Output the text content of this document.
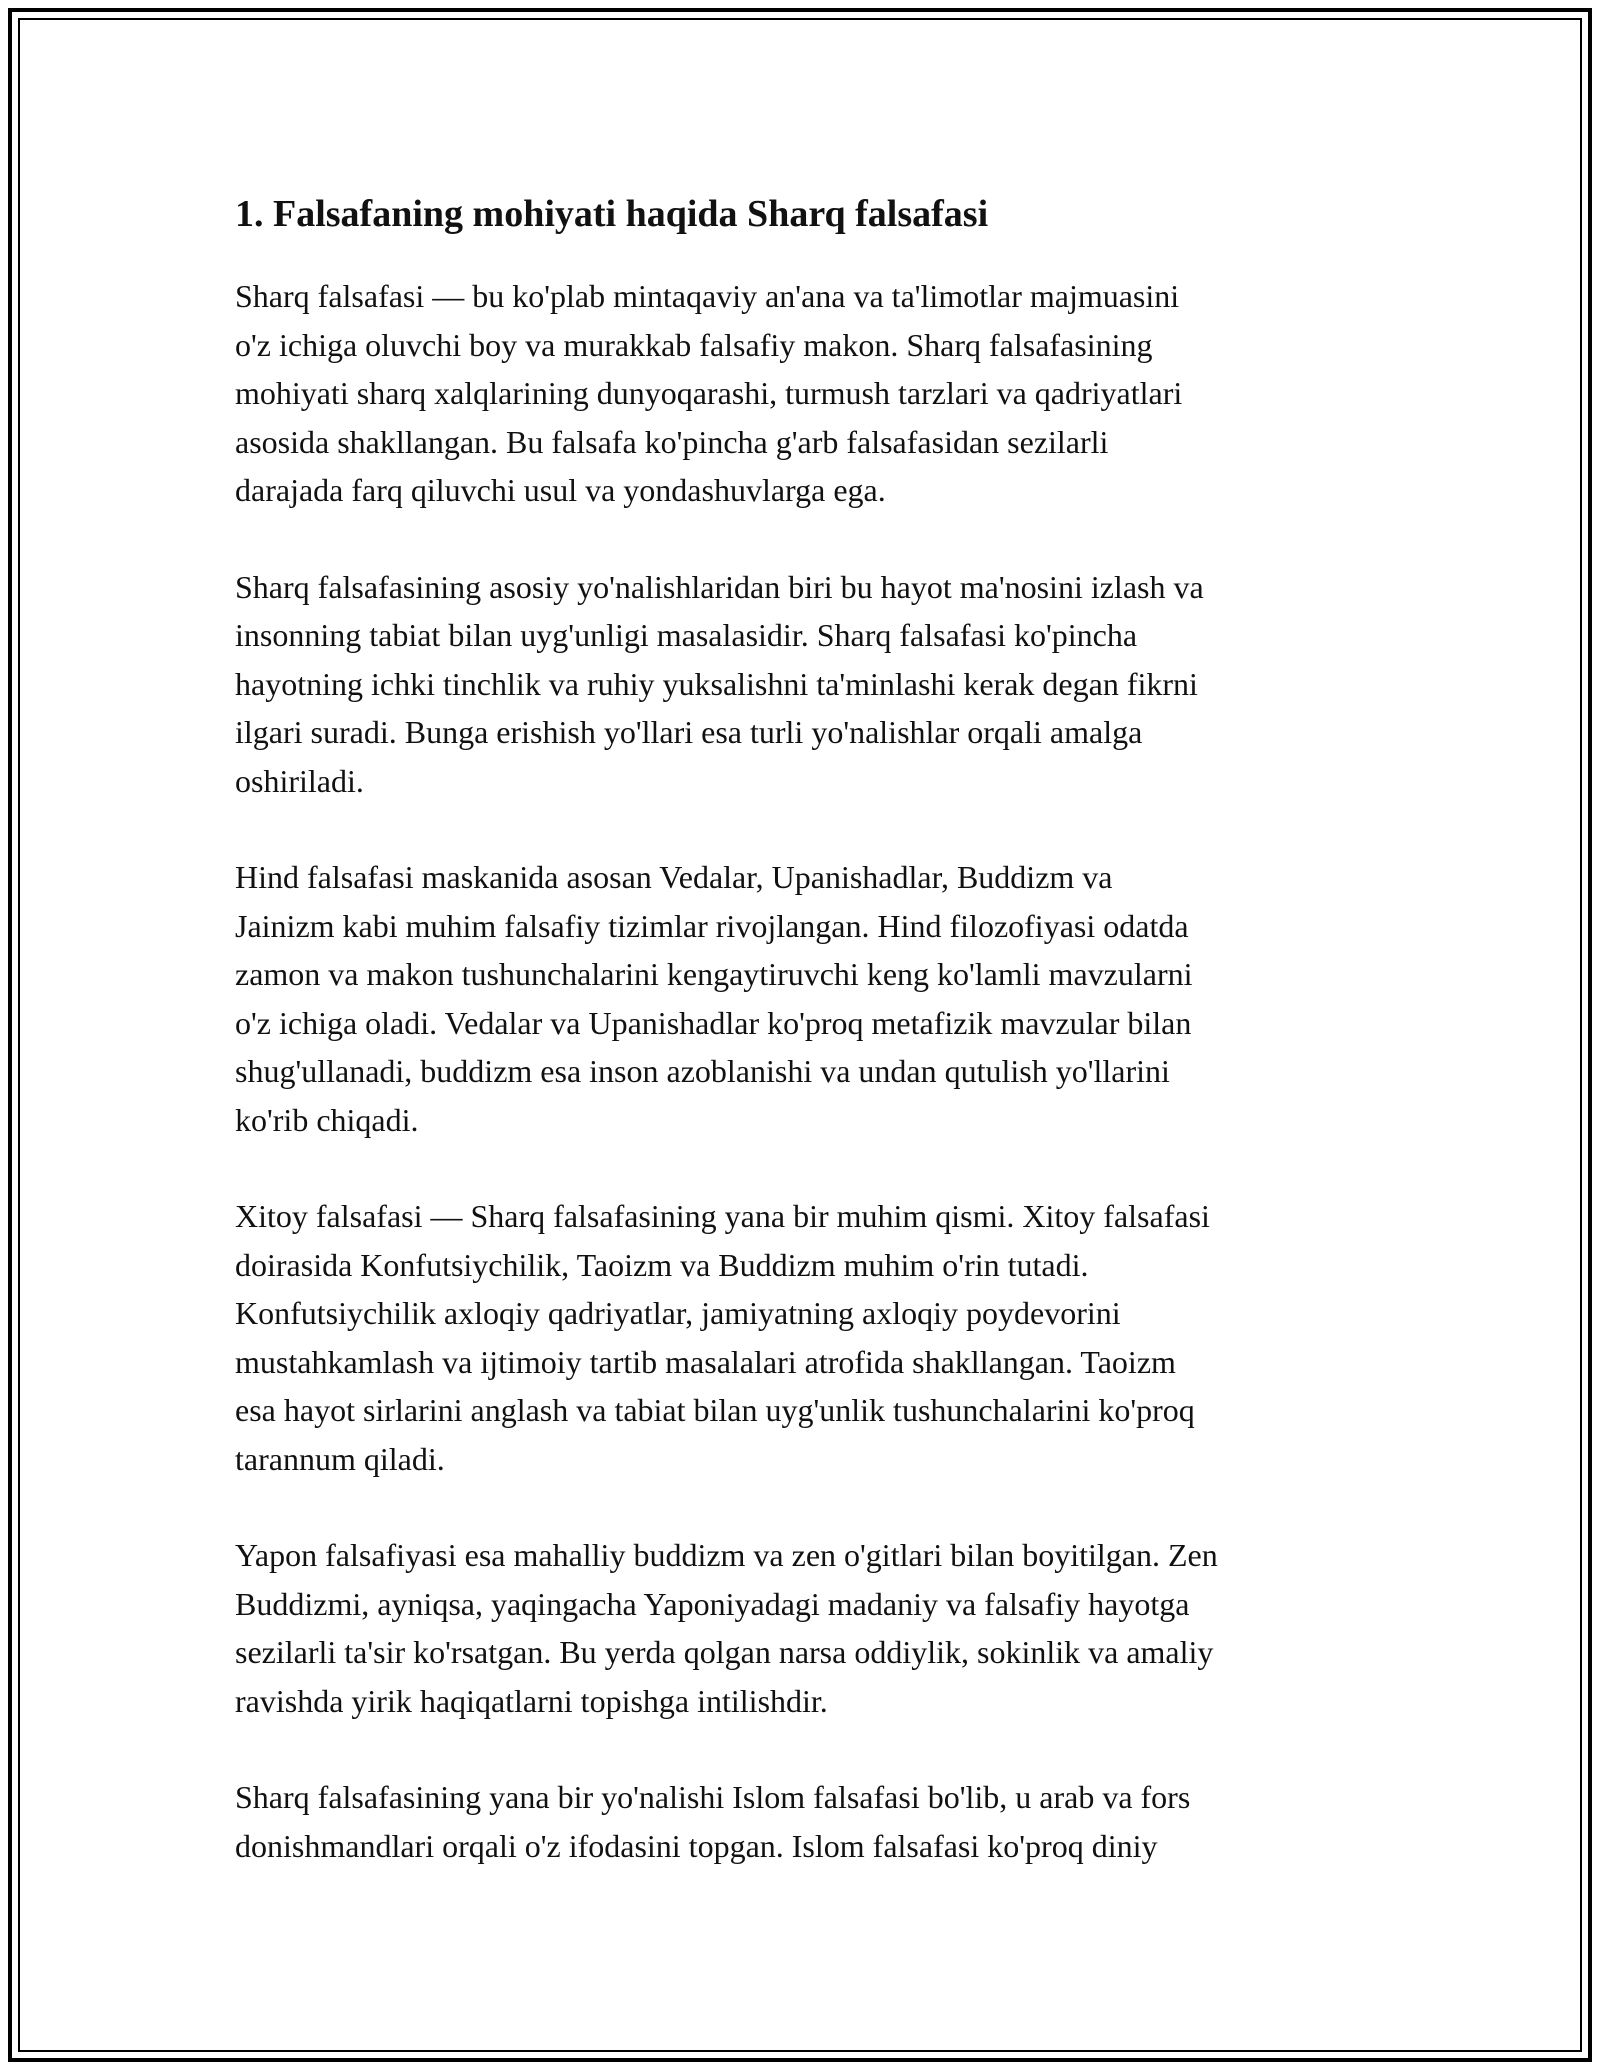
1. Falsafaning mohiyati haqida Sharq falsafasi

Sharq falsafasi — bu ko'plab mintaqaviy an'ana va ta'limotlar majmuasini
o'z ichiga oluvchi boy va murakkab falsafiy makon. Sharq falsafasining
mohiyati sharq xalqlarining dunyoqarashi, turmush tarzlari va qadriyatlari
asosida shakllangan. Bu falsafa ko'pincha g'arb falsafasidan sezilarli
darajada farq qiluvchi usul va yondashuvlarga ega.

Sharq falsafasining asosiy yo'nalishlaridan biri bu hayot ma'nosini izlash va
insonning tabiat bilan uyg'unligi masalasidir. Sharq falsafasi ko'pincha
hayotning ichki tinchlik va ruhiy yuksalishni ta'minlashi kerak degan fikrni
ilgari suradi. Bunga erishish yo'llari esa turli yo'nalishlar orqali amalga
oshiriladi.

Hind falsafasi maskanida asosan Vedalar, Upanishadlar, Buddizm va
Jainizm kabi muhim falsafiy tizimlar rivojlangan. Hind filozofiyasi odatda
zamon va makon tushunchalarini kengaytiruvchi keng ko'lamli mavzularni
o'z ichiga oladi. Vedalar va Upanishadlar ko'proq metafizik mavzular bilan
shug'ullanadi, buddizm esa inson azoblanishi va undan qutulish yo'llarini
ko'rib chiqadi.

Xitoy falsafasi — Sharq falsafasining yana bir muhim qismi. Xitoy falsafasi
doirasida Konfutsiychilik, Taoizm va Buddizm muhim o'rin tutadi.
Konfutsiychilik axloqiy qadriyatlar, jamiyatning axloqiy poydevorini
mustahkamlash va ijtimoiy tartib masalalari atrofida shakllangan. Taoizm
esa hayot sirlarini anglash va tabiat bilan uyg'unlik tushunchalarini ko'proq
tarannum qiladi.

Yapon falsafiyasi esa mahalliy buddizm va zen o'gitlari bilan boyitilgan. Zen
Buddizmi, ayniqsa, yaqingacha Yaponiyadagi madaniy va falsafiy hayotga
sezilarli ta'sir ko'rsatgan. Bu yerda qolgan narsa oddiylik, sokinlik va amaliy
ravishda yirik haqiqatlarni topishga intilishdir.

Sharq falsafasining yana bir yo'nalishi Islom falsafasi bo'lib, u arab va fors
donishmandlari orqali o'z ifodasini topgan. Islom falsafasi ko'proq diniy
